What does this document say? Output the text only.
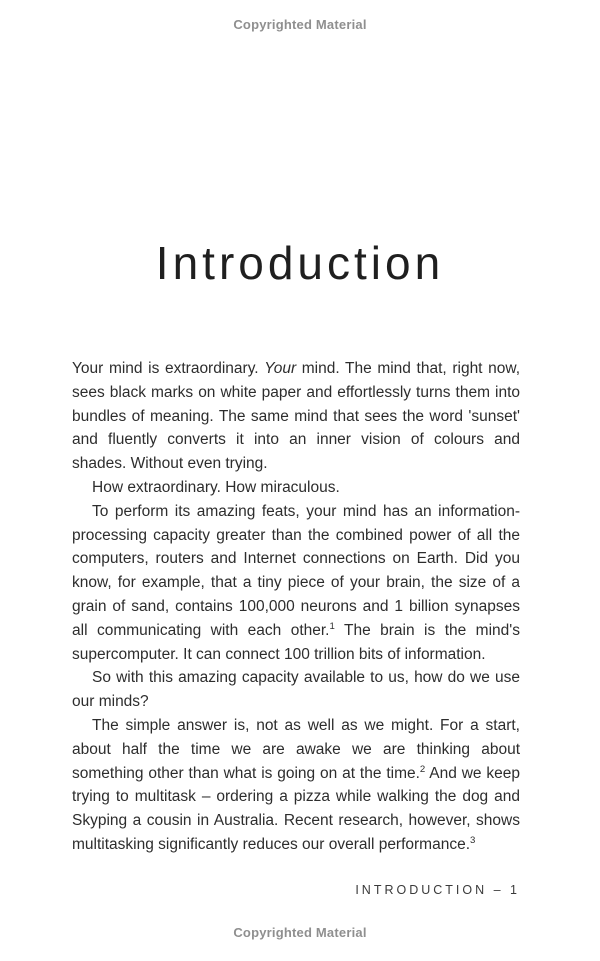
Copyrighted Material
Introduction

Your mind is extraordinary. Your mind. The mind that, right now, sees black marks on white paper and effortlessly turns them into bundles of meaning. The same mind that sees the word 'sunset' and fluently converts it into an inner vision of colours and shades. Without even trying.

How extraordinary. How miraculous.

To perform its amazing feats, your mind has an information-processing capacity greater than the combined power of all the computers, routers and Internet connections on Earth. Did you know, for example, that a tiny piece of your brain, the size of a grain of sand, contains 100,000 neurons and 1 billion synapses all communicating with each other.$^1$ The brain is the mind's supercomputer. It can connect 100 trillion bits of information.

So with this amazing capacity available to us, how do we use our minds?

The simple answer is, not as well as we might. For a start, about half the time we are awake we are thinking about something other than what is going on at the time.$^2$ And we keep trying to multitask – ordering a pizza while walking the dog and Skyping a cousin in Australia. Recent research, however, shows multitasking significantly reduces our overall performance.$^3$

INTRODUCTION – 1
Copyrighted Material
